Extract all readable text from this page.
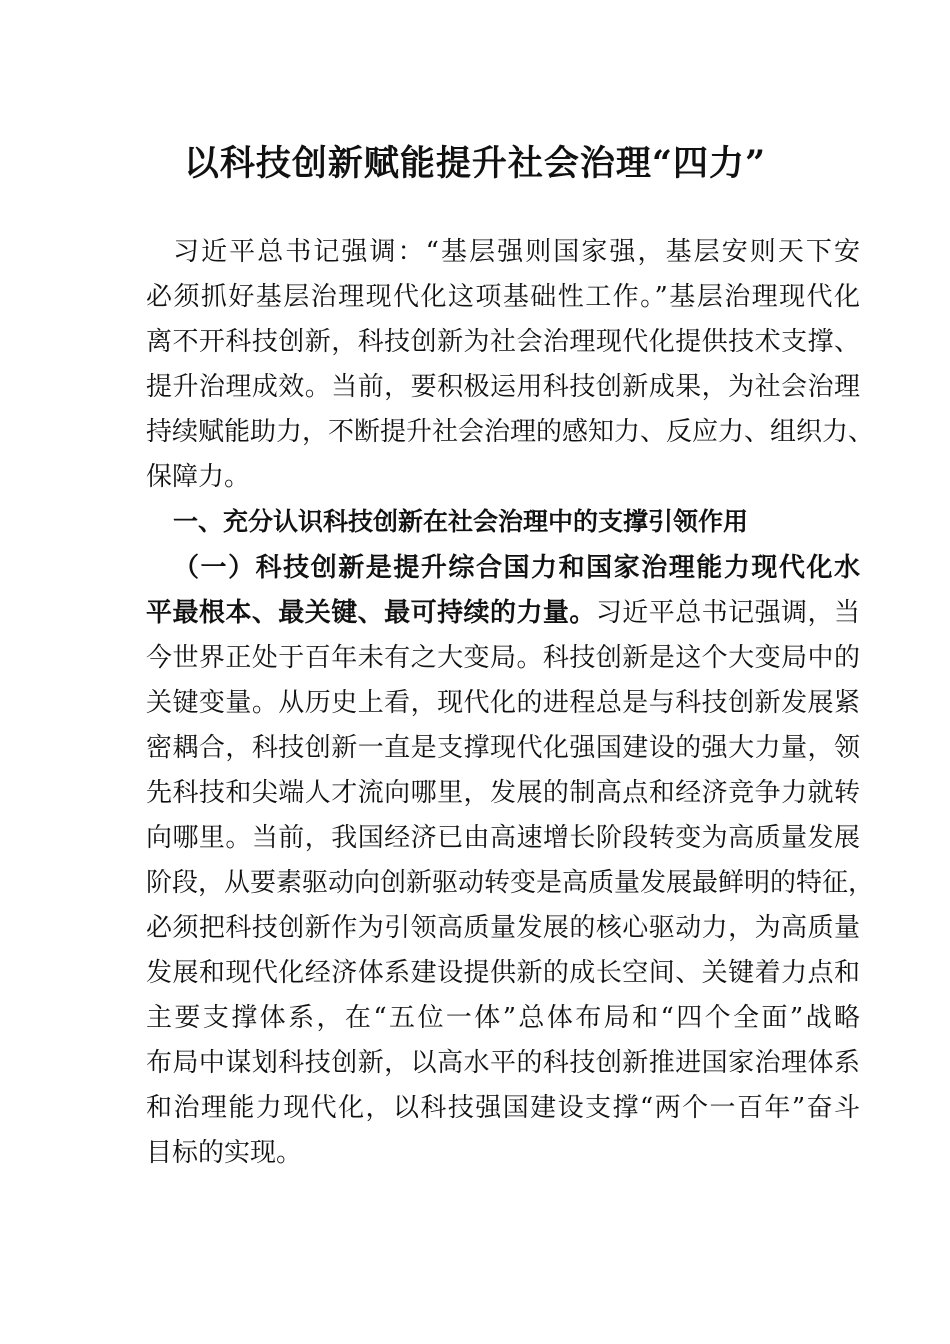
以科技创新赋能提升社会治理“四力”
习近平总书记强调：“基层强则国家强，基层安则天下安
必须抓好基层治理现代化这项基础性工作。”基层治理现代化
离不开科技创新，科技创新为社会治理现代化提供技术支撑、
提升治理成效。当前，要积极运用科技创新成果，为社会治理
持续赋能助力，不断提升社会治理的感知力、反应力、组织力、
保障力。
一、充分认识科技创新在社会治理中的支撑引领作用
（一）科技创新是提升综合国力和国家治理能力现代化水
平最根本、最关键、最可持续的力量。习近平总书记强调，当
今世界正处于百年未有之大变局。科技创新是这个大变局中的
关键变量。从历史上看，现代化的进程总是与科技创新发展紧
密耦合，科技创新一直是支撑现代化强国建设的强大力量，领
先科技和尖端人才流向哪里，发展的制高点和经济竞争力就转
向哪里。当前，我国经济已由高速增长阶段转变为高质量发展
阶段，从要素驱动向创新驱动转变是高质量发展最鲜明的特征，
必须把科技创新作为引领高质量发展的核心驱动力，为高质量
发展和现代化经济体系建设提供新的成长空间、关键着力点和
主要支撑体系，在“五位一体”总体布局和“四个全面”战略
布局中谋划科技创新，以高水平的科技创新推进国家治理体系
和治理能力现代化，以科技强国建设支撑“两个一百年”奋斗
目标的实现。
